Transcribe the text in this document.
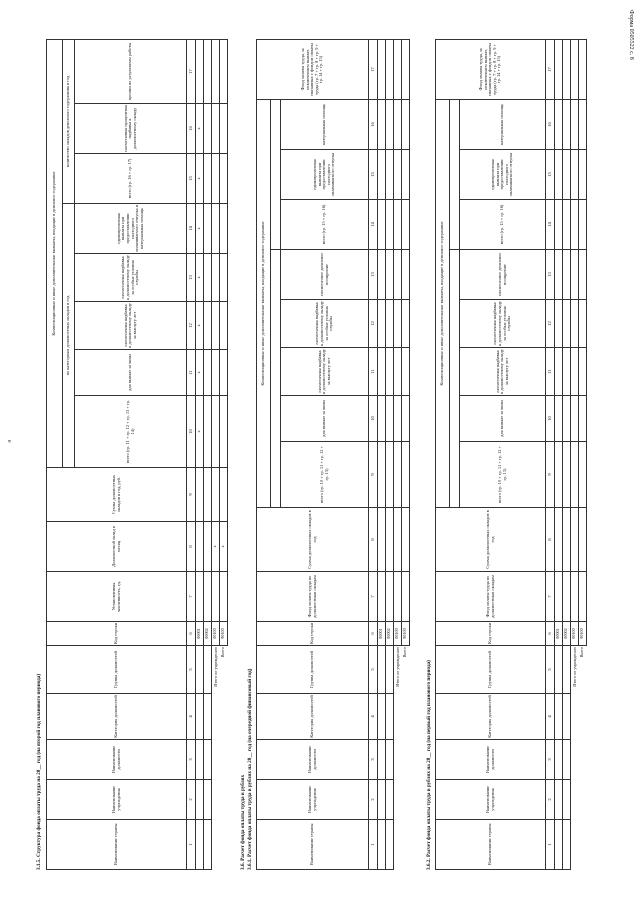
Форма 0505522 с. 8
е
3.1.5. Структура фонда оплаты труда на 20__ год (на второй год планового периода)	Наименование страны	Наименование учреждения	Наименование должности	Категория должностей	Группа должностей	Код строки	Установленная численность, ед.	Должностной оклад в месяц	Сумма должностных окладов в год, руб.	Компенсационные и иные дополнительные выплаты, входящие в денежное содержание							
									по категориям должностных окладов в год					количество окладов денежного содержания в год		
									всего (гр. 11 + гр. 12 + гр. 13 + гр. 14)	для выплат за чины	ежемесячная надбавка к должностному окладу за выслугу лет	ежемесячная надбавка к должностному окладу за особые условия службы	единовременная выплата при предоставлении ежегодного оплачиваемого отпуска и материальная помощь	всего (гр. 16 + гр. 17)	ежемесячная процентная надбавка к должностному окладу	премии по результатам работы
1	2	3	4	5	6	7	8	9	10	11	12	13	14	15	16	17
					00001				x	x	x	x	x	x	x	
					00002											
Итого по учреждению					00100		x									
Всего					90100		x									
3.6. Расчет фонда оплаты труда в рублях 3.6.1. Расчет фонда оплаты труда в рублях на 20__ год (на очередной финансовый год)	Наименование страны	Наименование учреждения	Наименование должности	Категория должностей	Группа должностей	Код строки	Фонд оплаты труда по должностным окладам	Сумма должностных окладов в год	Компенсационные и иные дополнительные выплаты, входящие в денежное содержание								Фонд оплаты труда, за исключением выплат, связанных с фондом оплаты труда (гр. 7 + гр. 8 + гр. 9 + гр. 14 + гр. 15)

								всего (гр. 10 + гр. 11 + гр. 12 + гр. 13)	для выплат за чины	ежемесячная надбавка к должностному окладу за выслугу лет	ежемесячная надбавка к должностному окладу за особые условия службы	ежемесячное денежное поощрение	всего (гр. 15 + гр. 16)	единовременная выплата при предоставлении ежегодного оплачиваемого отпуска	материальная помощь	
1	2	3	4	5	6	7	8	9	10	11	12	13	14	15	16	17
					00001											
					00002											
Итого по учреждению					00100											
Всего					90100											
3.6.2. Расчет фонда оплаты труда в рублях на 20__ год (на первый год планового периода)	Наименование страны	Наименование учреждения	Наименование должности	Категория должностей	Группа должностей	Код строки	Фонд оплаты труда по должностным окладам	Сумма должностных окладов в год	Компенсационные и иные дополнительные выплаты, входящие в денежное содержание								Фонд оплаты труда, за исключением выплат, связанных с фондом оплаты труда (гр. 7 + гр. 8 + гр. 9 + гр. 14 + гр. 15)

								всего (гр. 10 + гр. 11 + гр. 12 + гр. 13)	для выплат за чины	ежемесячная надбавка к должностному окладу за выслугу лет	ежемесячная надбавка к должностному окладу за особые условия службы	ежемесячное денежное поощрение	всего (гр. 15 + гр. 16)	единовременная выплата при предоставлении ежегодного оплачиваемого отпуска	материальная помощь	
1	2	3	4	5	6	7	8	9	10	11	12	13	14	15	16	17
					00001											
					00002											
Итого по учреждению					00100											
Всего					90100											
